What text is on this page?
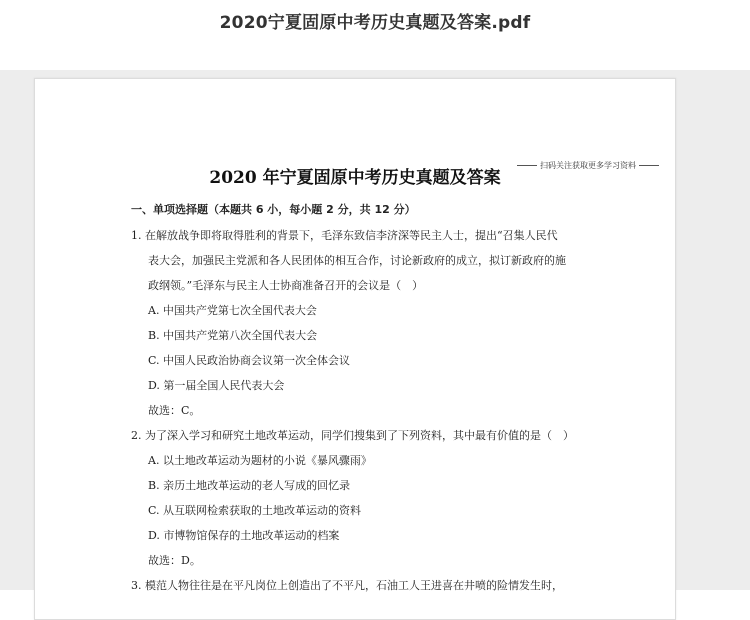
2020宁夏固原中考历史真题及答案.pdf
扫码关注获取更多学习资料
2020 年宁夏固原中考历史真题及答案
一、单项选择题（本题共 6 小，每小题 2 分，共 12 分）
1. 在解放战争即将取得胜利的背景下，毛泽东致信李济深等民主人士，提出“召集人民代
表大会，加强民主党派和各人民团体的相互合作，讨论新政府的成立，拟订新政府的施
政纲领。”毛泽东与民主人士协商准备召开的会议是（　）
A. 中国共产党第七次全国代表大会
B. 中国共产党第八次全国代表大会
C. 中国人民政治协商会议第一次全体会议
D. 第一届全国人民代表大会
故选：C。
2. 为了深入学习和研究土地改革运动，同学们搜集到了下列资料，其中最有价值的是（　）
A. 以土地改革运动为题材的小说《暴风骤雨》
B. 亲历土地改革运动的老人写成的回忆录
C. 从互联网检索获取的土地改革运动的资料
D. 市博物馆保存的土地改革运动的档案
故选：D。
3. 模范人物往往是在平凡岗位上创造出了不平凡，石油工人王进喜在井喷的险情发生时，
